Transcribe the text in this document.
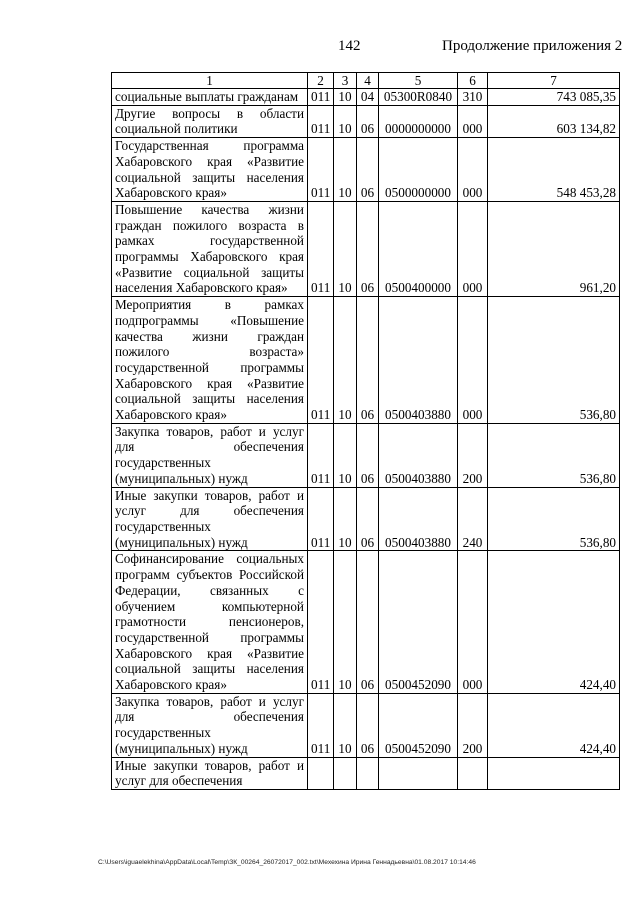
142	Продолжение приложения 2
1	2	3	4	5	6	7
социальные выплаты гражданам	011	10	04	05300R0840	310	743 085,35
Другие вопросы в области социальной политики	011	10	06	0000000000	000	603 134,82
Государственная программа Хабаровского края «Развитие социальной защиты населения Хабаровского края»	011	10	06	0500000000	000	548 453,28
Повышение качества жизни граждан пожилого возраста в рамках государственной программы Хабаровского края «Развитие социальной защиты населения Хабаровского края»	011	10	06	0500400000	000	961,20
Мероприятия в рамках подпрограммы «Повышение качества жизни граждан пожилого возраста» государственной программы Хабаровского края «Развитие социальной защиты населения Хабаровского края»	011	10	06	0500403880	000	536,80
Закупка товаров, работ и услуг для обеспечения государственных (муниципальных) нужд	011	10	06	0500403880	200	536,80
Иные закупки товаров, работ и услуг для обеспечения государственных (муниципальных) нужд	011	10	06	0500403880	240	536,80
Софинансирование социальных программ субъектов Российской Федерации, связанных с обучением компьютерной грамотности пенсионеров, государственной программы Хабаровского края «Развитие социальной защиты населения Хабаровского края»	011	10	06	0500452090	000	424,40
Закупка товаров, работ и услуг для обеспечения государственных (муниципальных) нужд	011	10	06	0500452090	200	424,40
Иные закупки товаров, работ и услуг для обеспечения						
C:\Users\iguaelekhina\AppData\Local\Temp\ЗК_00264_26072017_002.txt\Мехехина Ирина Геннадьевна\01.08.2017 10:14:46
